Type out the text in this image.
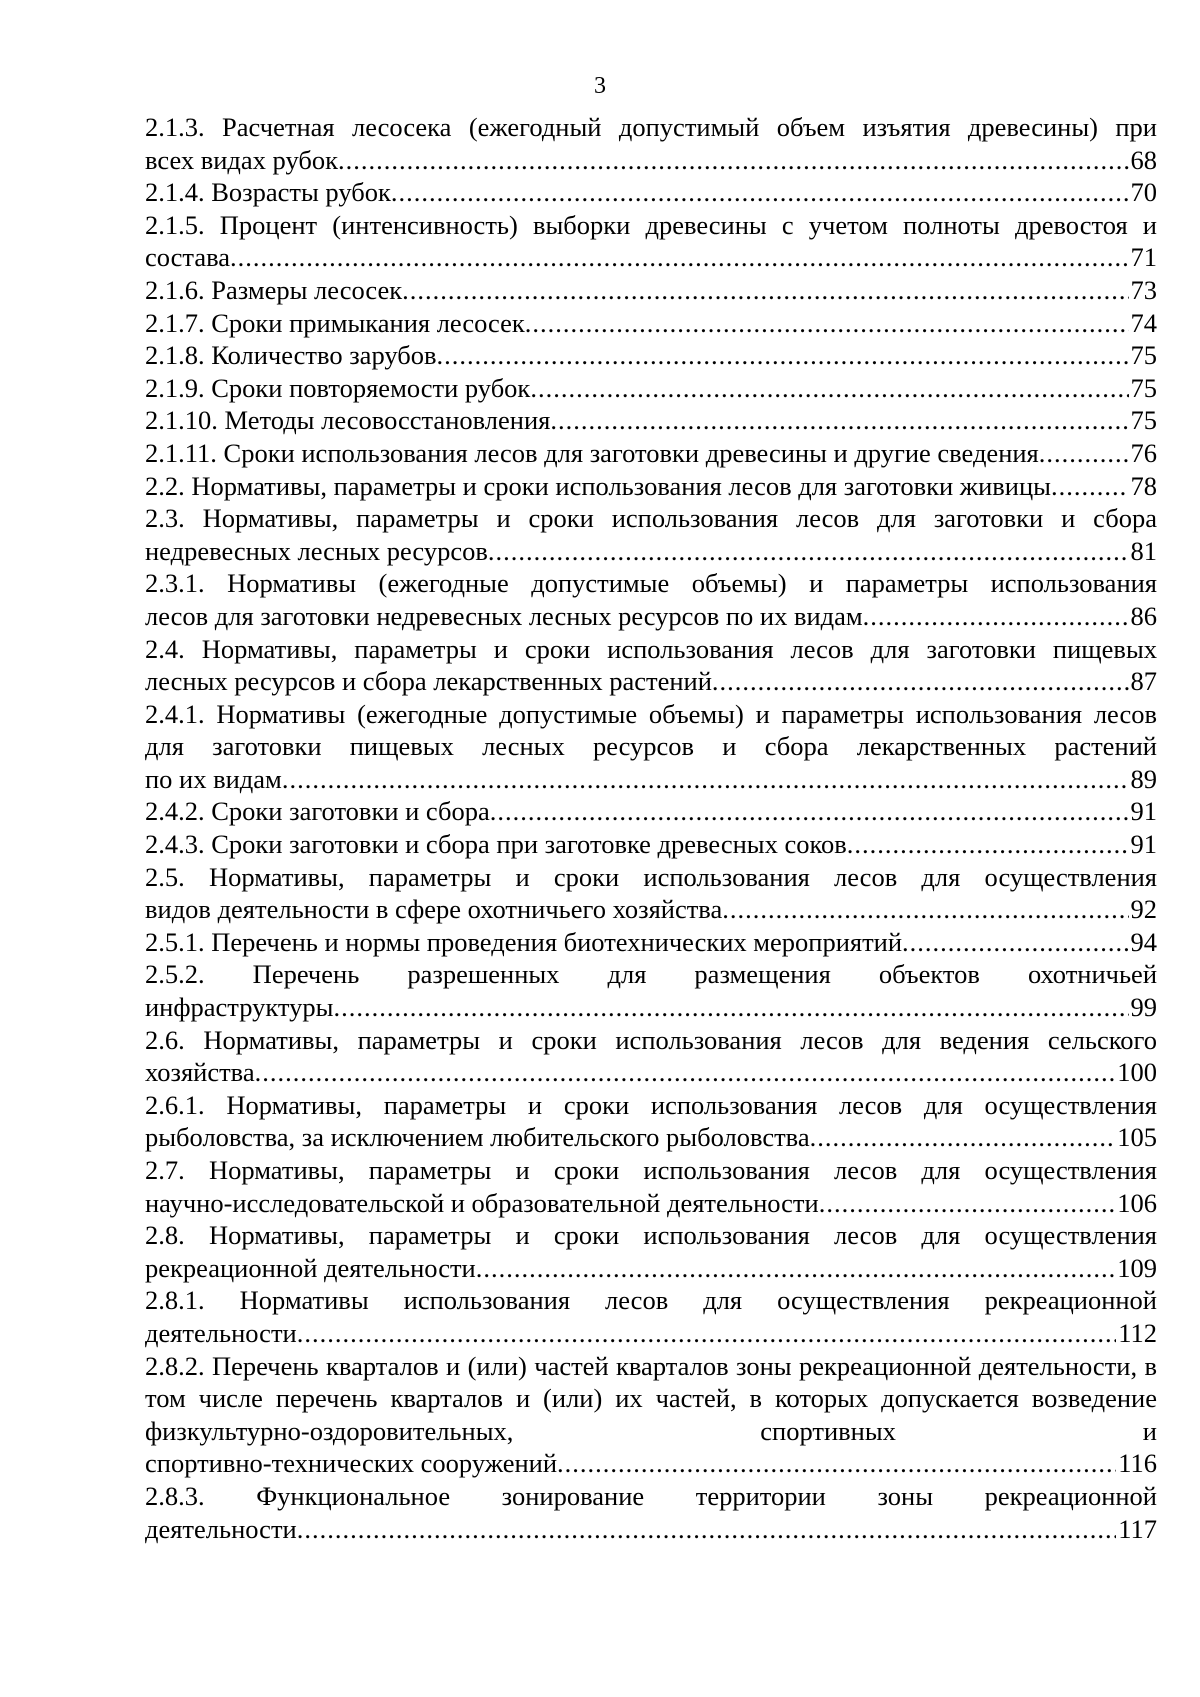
3
2.1.3. Расчетная лесосека (ежегодный допустимый объем изъятия древесины) при
всех видах рубок .....	68
2.1.4. Возрасты рубок .....	70
2.1.5. Процент (интенсивность) выборки древесины с учетом полноты древостоя и
состава .....	71
2.1.6. Размеры лесосек .....	73
2.1.7. Сроки примыкания лесосек .....	74
2.1.8. Количество зарубов .....	75
2.1.9. Сроки повторяемости рубок .....	75
2.1.10. Методы лесовосстановления .....	75
2.1.11. Сроки использования лесов для заготовки древесины и другие сведения .....	76
2.2. Нормативы, параметры и сроки использования лесов для заготовки живицы .....	78
2.3. Нормативы, параметры и сроки использования лесов для заготовки и сбора
недревесных лесных ресурсов .....	81
2.3.1. Нормативы (ежегодные допустимые объемы) и параметры использования
лесов для заготовки недревесных лесных ресурсов по их видам .....	86
2.4. Нормативы, параметры и сроки использования лесов для заготовки пищевых
лесных ресурсов и сбора лекарственных растений .....	87
2.4.1. Нормативы (ежегодные допустимые объемы) и параметры использования лесов для заготовки пищевых лесных ресурсов и сбора лекарственных растений
по их видам .....	89
2.4.2. Сроки заготовки и сбора .....	91
2.4.3. Сроки заготовки и сбора при заготовке древесных соков .....	91
2.5. Нормативы, параметры и сроки использования лесов для осуществления
видов деятельности в сфере охотничьего хозяйства .....	92
2.5.1. Перечень и нормы проведения биотехнических мероприятий .....	94
2.5.2. Перечень разрешенных для размещения объектов охотничьей
инфраструктуры .....	99
2.6. Нормативы, параметры и сроки использования лесов для ведения сельского
хозяйства .....	100
2.6.1. Нормативы, параметры и сроки использования лесов для осуществления
рыболовства, за исключением любительского рыболовства .....	105
2.7. Нормативы, параметры и сроки использования лесов для осуществления
научно-исследовательской и образовательной деятельности .....	106
2.8. Нормативы, параметры и сроки использования лесов для осуществления
рекреационной деятельности .....	109
2.8.1. Нормативы использования лесов для осуществления рекреационной
деятельности .....	112
2.8.2. Перечень кварталов и (или) частей кварталов зоны рекреационной деятельности, в том числе перечень кварталов и (или) их частей, в которых допускается возведение физкультурно-оздоровительных, спортивных и
спортивно-технических сооружений .....	116
2.8.3. Функциональное зонирование территории зоны рекреационной
деятельности .....	117
